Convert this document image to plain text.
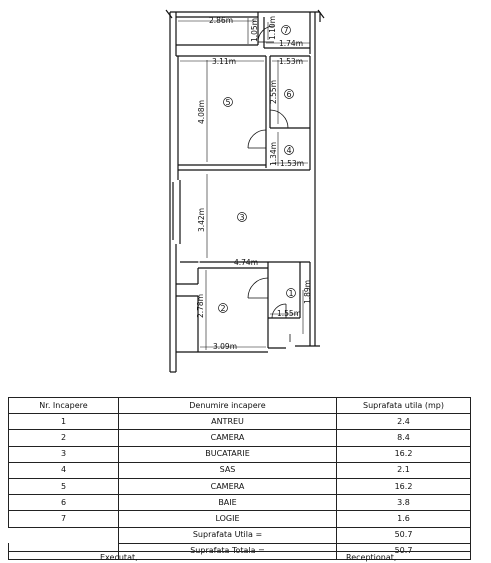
2.86m 1.05m 1.10m
1.74m
3.11m	1.53m
4.08m
2.55m
1.34m 1.53m
3.42m
4.74m
2.78m	1.55m
1.89m
3.09m
7
5
6
4
3
2
1
Nr. Incapere	Denumire incapere	Suprafata utila (mp)
1	ANTREU	2.4
2	CAMERA	8.4
3	BUCATARIE	16.2
4	SAS	2.1
5	CAMERA	16.2
6	BAIE	3.8
7	LOGIE	1.6
	Suprafata Utila =	50.7
	Suprafata Totala =	50.7
Executat,	Receptionat,
